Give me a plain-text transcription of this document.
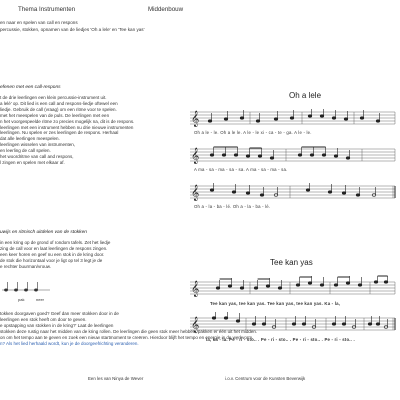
Thema Instrumenten	Middenbouw
en naar en spelen van call en respons
percussie, stokken, opnamen van de liedjes 'Oh a lele' en 'Tee kan yas'
efenen met een call-respons
t de drie leerlingen een klein percussie-instrument uit.
a lelé' op. Dit lied is een call and respons-liedje oftewel een
liedje. Gebruik de call (vraag) om een ritme voor te spelen.
met het meespelen van de puls. De leerlingen met een
n het voorgespeelde ritme zo precies mogelijk na, dit is de respons.
leerlingen met een instrument hebben nu drie nieuwe instrumenten
leerlingen. Nu spelen er zes leerlingen de respons. Herhaal
dat alle leerlingen meespelen.
leerlingen wisselen van instrumenten,
en leerling de call spelen.
het woordritme van call and respons,
l zingen en spelen met elkaar af.
uwijs en ritmisch uitdelen van de stokken
in een kring op de grond of rondom tafels. Zet het liedje
zing de call voor en laat leerlingen de respons zingen.
een keer horen en geef nu een stok in de kring door.
de stok die horizontaal voor je ligt op tel 3 legt je de
e rechter buurman/vrouw.
pak	neer
tokken doorgaven goed? Geef dan meer stokken door in de
leerlingen een stok heeft om door te geven.
e opstapping van stokken in de kring?' Laat de leerlingen
stokken deze rustig naar het midden van de kring rollen. De leerlingen die geen stok meer hebben, pakken er één uit het midden.
on om het tempo aan te geven en zoek een nieuw startmoment te creëren. Hierdoor blijft het tempo en energie in de werkvorm.
n? Als het lied herhaald wordt, kun je de doorgeefrichting veranderen.
Oh a lele
𝄞
Oh a le - le. Oh a le le. A le - le xi - ca - te - ga. A le - le.
𝄞
A ma - sa - ma - sa - sa. A ma - sa - ma - sa.
𝄞
Oh a - la - ba - lé. Oh a - la - ba - lé.
Tee kan yas
𝄞
Tee kan yas, tee kan yas. Tee kan yas, tee kan yas. Ka - la,
𝄞
la, ka - la. Pe - ri - sto.. . Pe - ri - sto.. . Pe - ri - sto.. . Pe - ri - sto.. .
Een les van Ninya de Wever	i.o.v. Centrum voor de Kunsten Beverwijk
